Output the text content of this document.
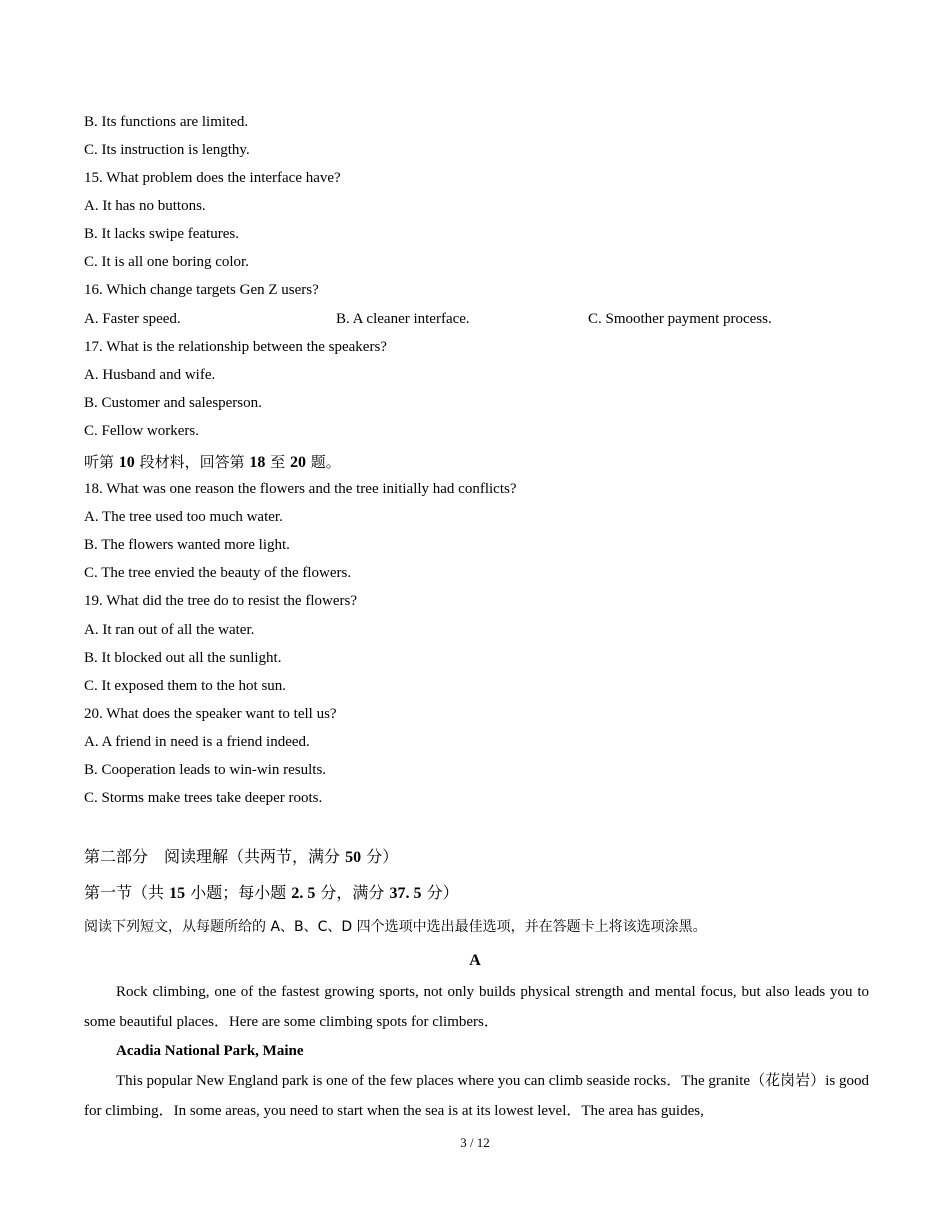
B. Its functions are limited.
C. Its instruction is lengthy.
15. What problem does the interface have?
A. It has no buttons.
B. It lacks swipe features.
C. It is all one boring color.
16. Which change targets Gen Z users?
A. Faster speed.	B. A cleaner interface.	C. Smoother payment process.
17. What is the relationship between the speakers?
A. Husband and wife.
B. Customer and salesperson.
C. Fellow workers.
听第 10 段材料，回答第 18 至 20 题。
18. What was one reason the flowers and the tree initially had conflicts?
A. The tree used too much water.
B. The flowers wanted more light.
C. The tree envied the beauty of the flowers.
19. What did the tree do to resist the flowers?
A. It ran out of all the water.
B. It blocked out all the sunlight.
C. It exposed them to the hot sun.
20. What does the speaker want to tell us?
A. A friend in need is a friend indeed.
B. Cooperation leads to win-win results.
C. Storms make trees take deeper roots.
第二部分　阅读理解（共两节，满分 50 分）
第一节（共 15 小题；每小题 2. 5 分，满分 37. 5 分）
阅读下列短文，从每题所给的 A、B、C、D 四个选项中选出最佳选项，并在答题卡上将该选项涂黑。
A
Rock climbing, one of the fastest growing sports, not only builds physical strength and mental focus, but also leads you to some beautiful places．Here are some climbing spots for climbers．
Acadia National Park, Maine
This popular New England park is one of the few places where you can climb seaside rocks．The granite（花岗岩）is good for climbing．In some areas, you need to start when the sea is at its lowest level．The area has guides,
3 / 12
